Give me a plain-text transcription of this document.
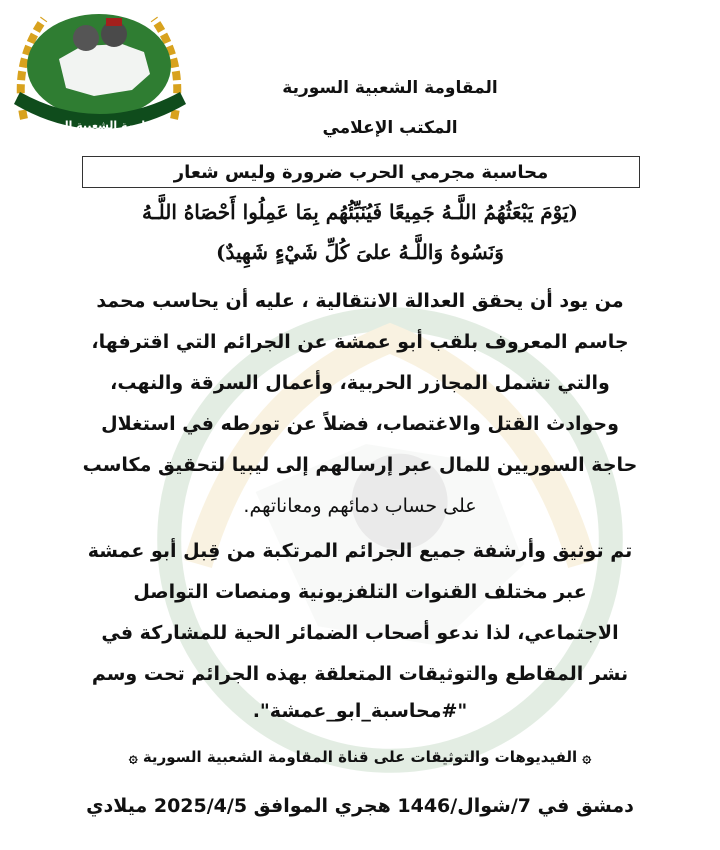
المقاومة الشعبية السورية
المقاومة الشعبية السورية
المكتب الإعلامي
محاسبة مجرمي الحرب ضرورة وليس شعار
(يَوْمَ يَبْعَثُهُمُ اللَّـهُ جَمِيعًا فَيُنَبِّئُهُم بِمَا عَمِلُوا أَحْصَاهُ اللَّـهُ
وَنَسُوهُ وَاللَّـهُ علىَ كُلِّ شَيْءٍ شَهِيدٌ)
من يود أن يحقق العدالة الانتقالية ، عليه أن يحاسب محمد
جاسم المعروف بلقب أبو عمشة عن الجرائم التي اقترفها،
والتي تشمل المجازر الحربية، وأعمال السرقة والنهب،
وحوادث القتل والاغتصاب، فضلاً عن تورطه في استغلال
حاجة السوريين للمال عبر إرسالهم إلى ليبيا لتحقيق مكاسب
على حساب دمائهم ومعاناتهم.
تم توثيق وأرشفة جميع الجرائم المرتكبة من قِبل أبو عمشة
عبر مختلف القنوات التلفزيونية ومنصات التواصل
الاجتماعي، لذا ندعو أصحاب الضمائر الحية للمشاركة في
نشر المقاطع والتوثيقات المتعلقة بهذه الجرائم تحت وسم
"#محاسبة_ابو_عمشة".
۞ الفيديوهات والتوثيقات على قناة المقاومة الشعبية السورية ۞
دمشق في 7/شوال/1446 هجري الموافق 2025/4/5 ميلادي
